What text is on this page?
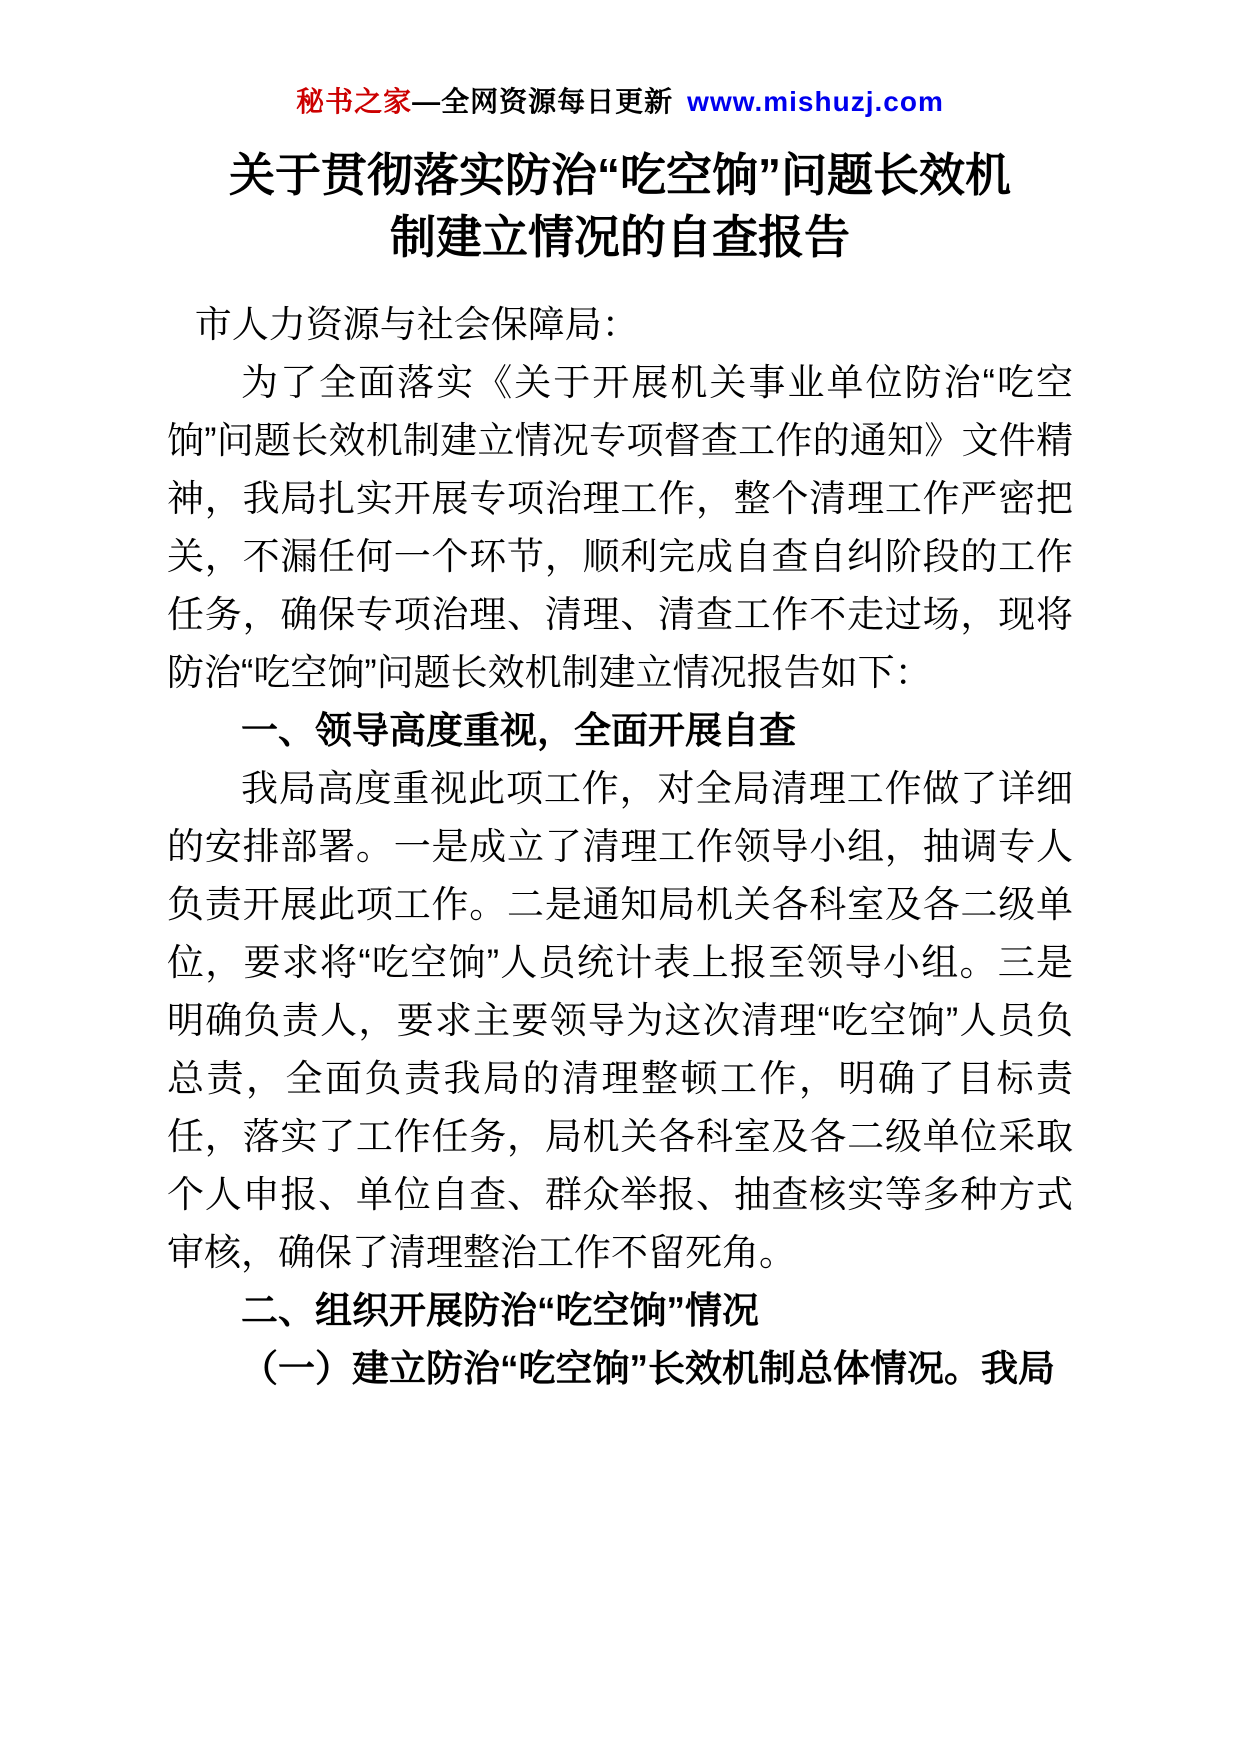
秘书之家—全网资源每日更新 www.mishuzj.com
关于贯彻落实防治“吃空饷”问题长效机
制建立情况的自查报告

市人力资源与社会保障局：

为了全面落实《关于开展机关事业单位防治“吃空饷”问题长效机制建立情况专项督查工作的通知》文件精神，我局扎实开展专项治理工作，整个清理工作严密把关，不漏任何一个环节，顺利完成自查自纠阶段的工作任务，确保专项治理、清理、清查工作不走过场，现将防治“吃空饷”问题长效机制建立情况报告如下：

一、领导高度重视，全面开展自查

我局高度重视此项工作，对全局清理工作做了详细的安排部署。一是成立了清理工作领导小组，抽调专人负责开展此项工作。二是通知局机关各科室及各二级单位，要求将“吃空饷”人员统计表上报至领导小组。三是明确负责人，要求主要领导为这次清理“吃空饷”人员负总责，全面负责我局的清理整顿工作，明确了目标责任，落实了工作任务，局机关各科室及各二级单位采取个人申报、单位自查、群众举报、抽查核实等多种方式审核，确保了清理整治工作不留死角。

二、组织开展防治“吃空饷”情况

（一）建立防治“吃空饷”长效机制总体情况。我局
